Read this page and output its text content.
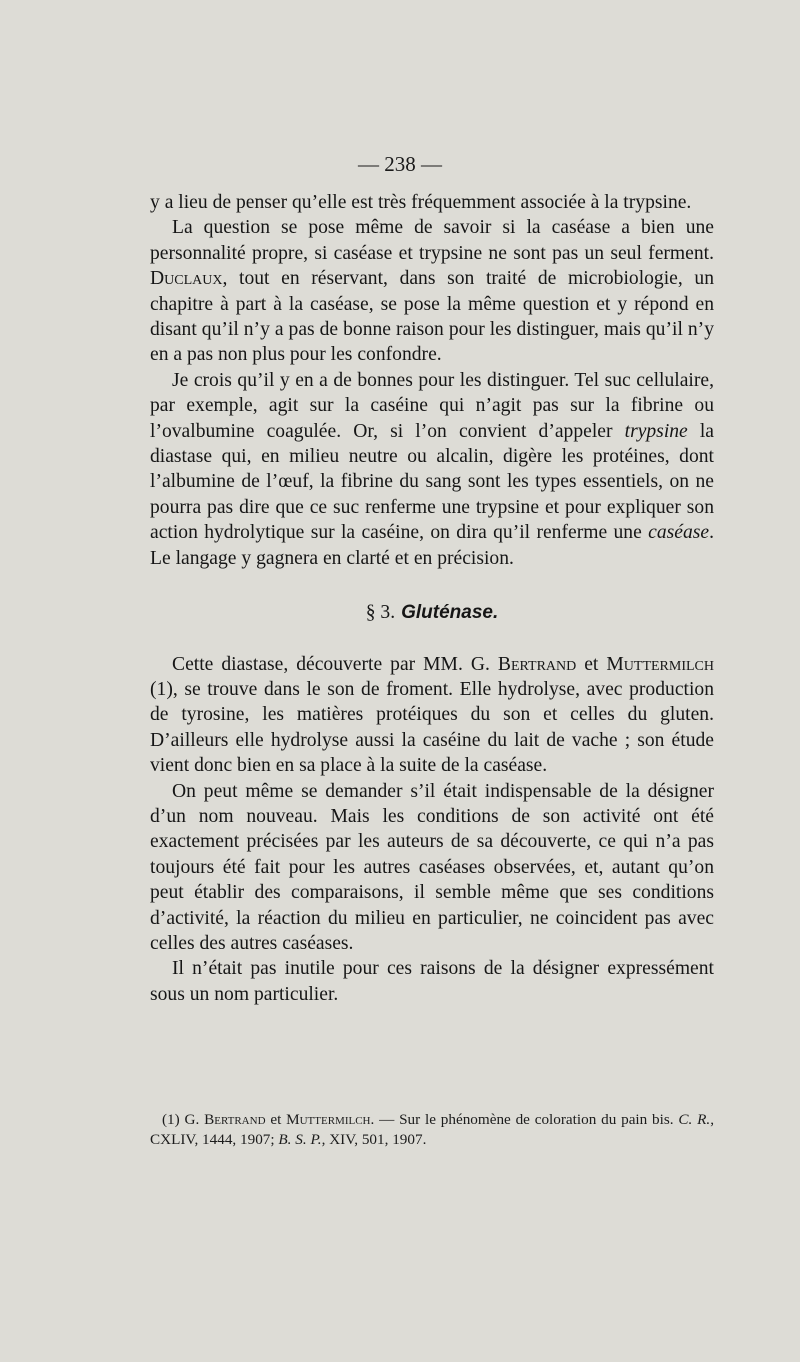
— 238 —

y a lieu de penser qu’elle est très fréquemment associée à la trypsine.

La question se pose même de savoir si la caséase a bien une personnalité propre, si caséase et trypsine ne sont pas un seul ferment. Duclaux, tout en réservant, dans son traité de microbiologie, un chapitre à part à la caséase, se pose la même question et y répond en disant qu’il n’y a pas de bonne raison pour les distinguer, mais qu’il n’y en a pas non plus pour les confondre.

Je crois qu’il y en a de bonnes pour les distinguer. Tel suc cellulaire, par exemple, agit sur la caséine qui n’agit pas sur la fibrine ou l’ovalbumine coagulée. Or, si l’on convient d’appeler trypsine la diastase qui, en milieu neutre ou alcalin, digère les protéines, dont l’albumine de l’œuf, la fibrine du sang sont les types essentiels, on ne pourra pas dire que ce suc renferme une trypsine et pour expliquer son action hydrolytique sur la caséine, on dira qu’il renferme une caséase. Le langage y gagnera en clarté et en précision.

§ 3. Gluténase.

Cette diastase, découverte par MM. G. Bertrand et Muttermilch (1), se trouve dans le son de froment. Elle hydrolyse, avec production de tyrosine, les matières protéiques du son et celles du gluten. D’ailleurs elle hydrolyse aussi la caséine du lait de vache ; son étude vient donc bien en sa place à la suite de la caséase.

On peut même se demander s’il était indispensable de la désigner d’un nom nouveau. Mais les conditions de son activité ont été exactement précisées par les auteurs de sa découverte, ce qui n’a pas toujours été fait pour les autres caséases observées, et, autant qu’on peut établir des comparaisons, il semble même que ses conditions d’activité, la réaction du milieu en particulier, ne coincident pas avec celles des autres caséases.

Il n’était pas inutile pour ces raisons de la désigner expressément sous un nom particulier.

(1) G. Bertrand et Muttermilch. — Sur le phénomène de coloration du pain bis. C. R., CXLIV, 1444, 1907; B. S. P., XIV, 501, 1907.
